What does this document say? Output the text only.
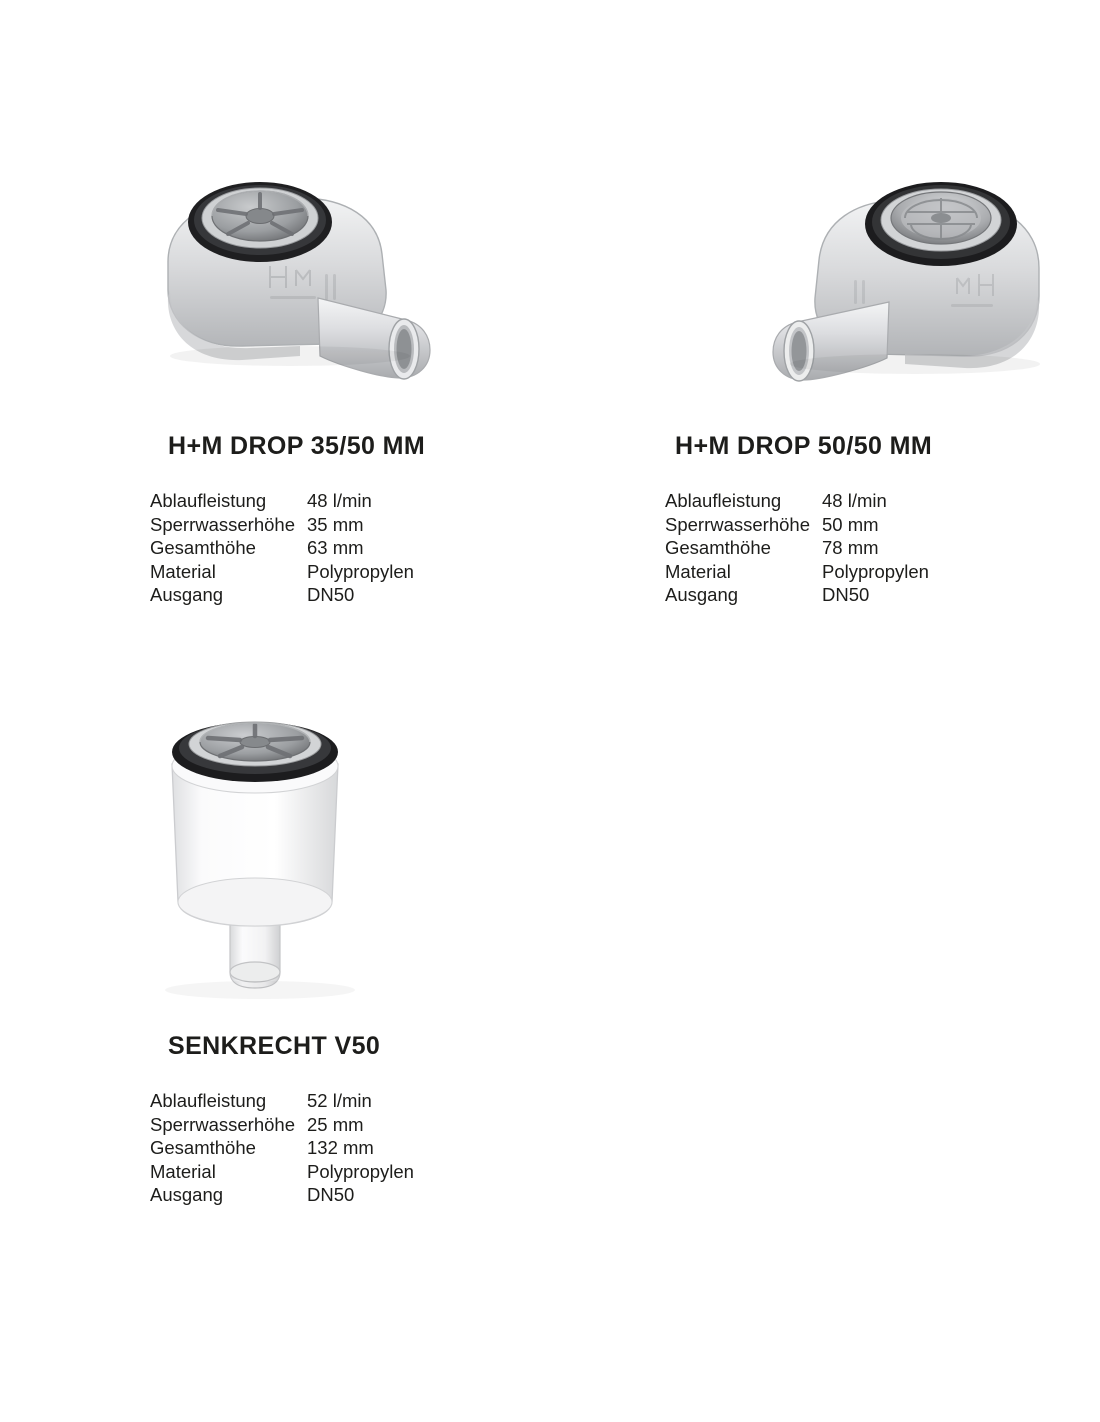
H+M DROP 35/50 MM
Ablaufleistung	48 l/min
Sperrwasserhöhe	35 mm
Gesamthöhe	63 mm
Material	Polypropylen
Ausgang	DN50
H+M DROP 50/50 MM
Ablaufleistung	48 l/min
Sperrwasserhöhe	50 mm
Gesamthöhe	78 mm
Material	Polypropylen
Ausgang	DN50
SENKRECHT V50
Ablaufleistung	52 l/min
Sperrwasserhöhe	25 mm
Gesamthöhe	132 mm
Material	Polypropylen
Ausgang	DN50
